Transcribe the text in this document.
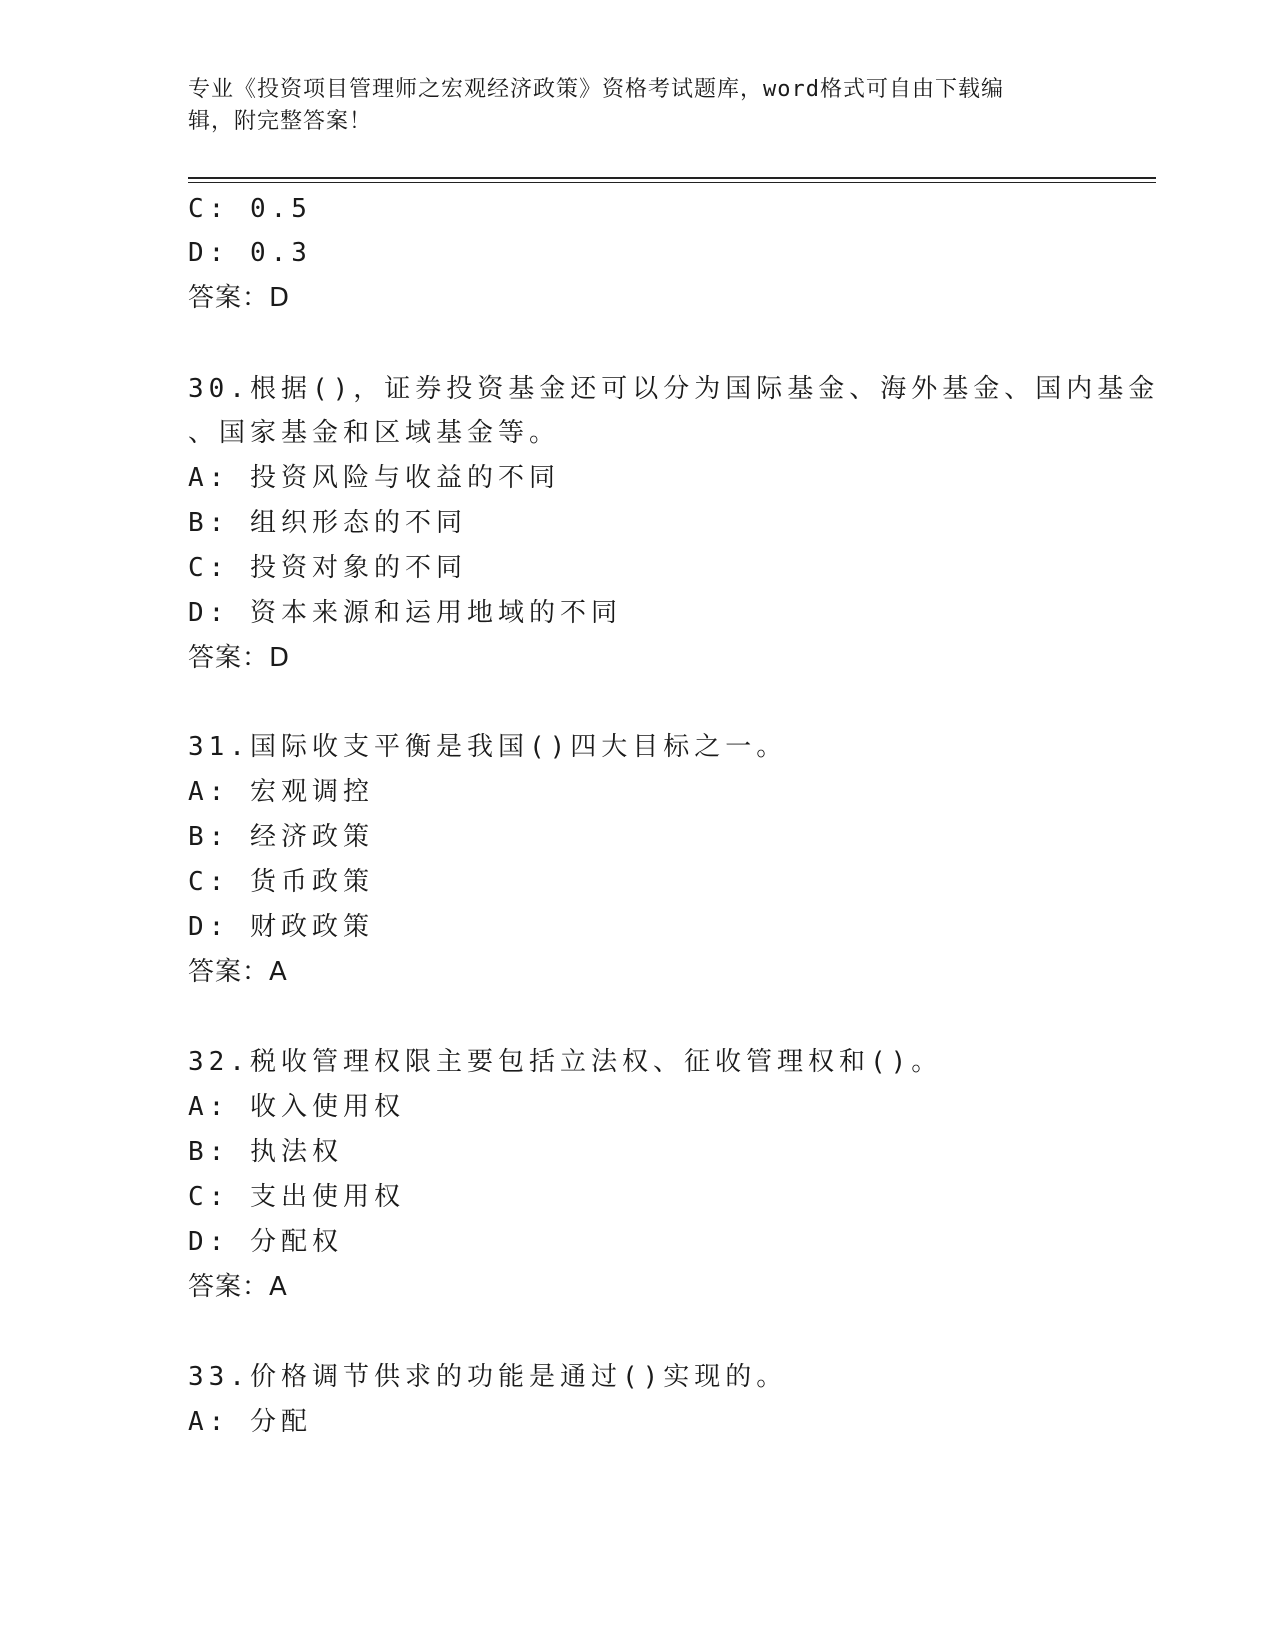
专业《投资项目管理师之宏观经济政策》资格考试题库，word格式可自由下载编
辑，附完整答案！
C: 0.5
D: 0.3
答案：D
30.根据()，证券投资基金还可以分为国际基金、海外基金、国内基金
、国家基金和区域基金等。
A: 投资风险与收益的不同
B: 组织形态的不同
C: 投资对象的不同
D: 资本来源和运用地域的不同
答案：D
31.国际收支平衡是我国()四大目标之一。
A: 宏观调控
B: 经济政策
C: 货币政策
D: 财政政策
答案：A
32.税收管理权限主要包括立法权、征收管理权和()。
A: 收入使用权
B: 执法权
C: 支出使用权
D: 分配权
答案：A
33.价格调节供求的功能是通过()实现的。
A: 分配
